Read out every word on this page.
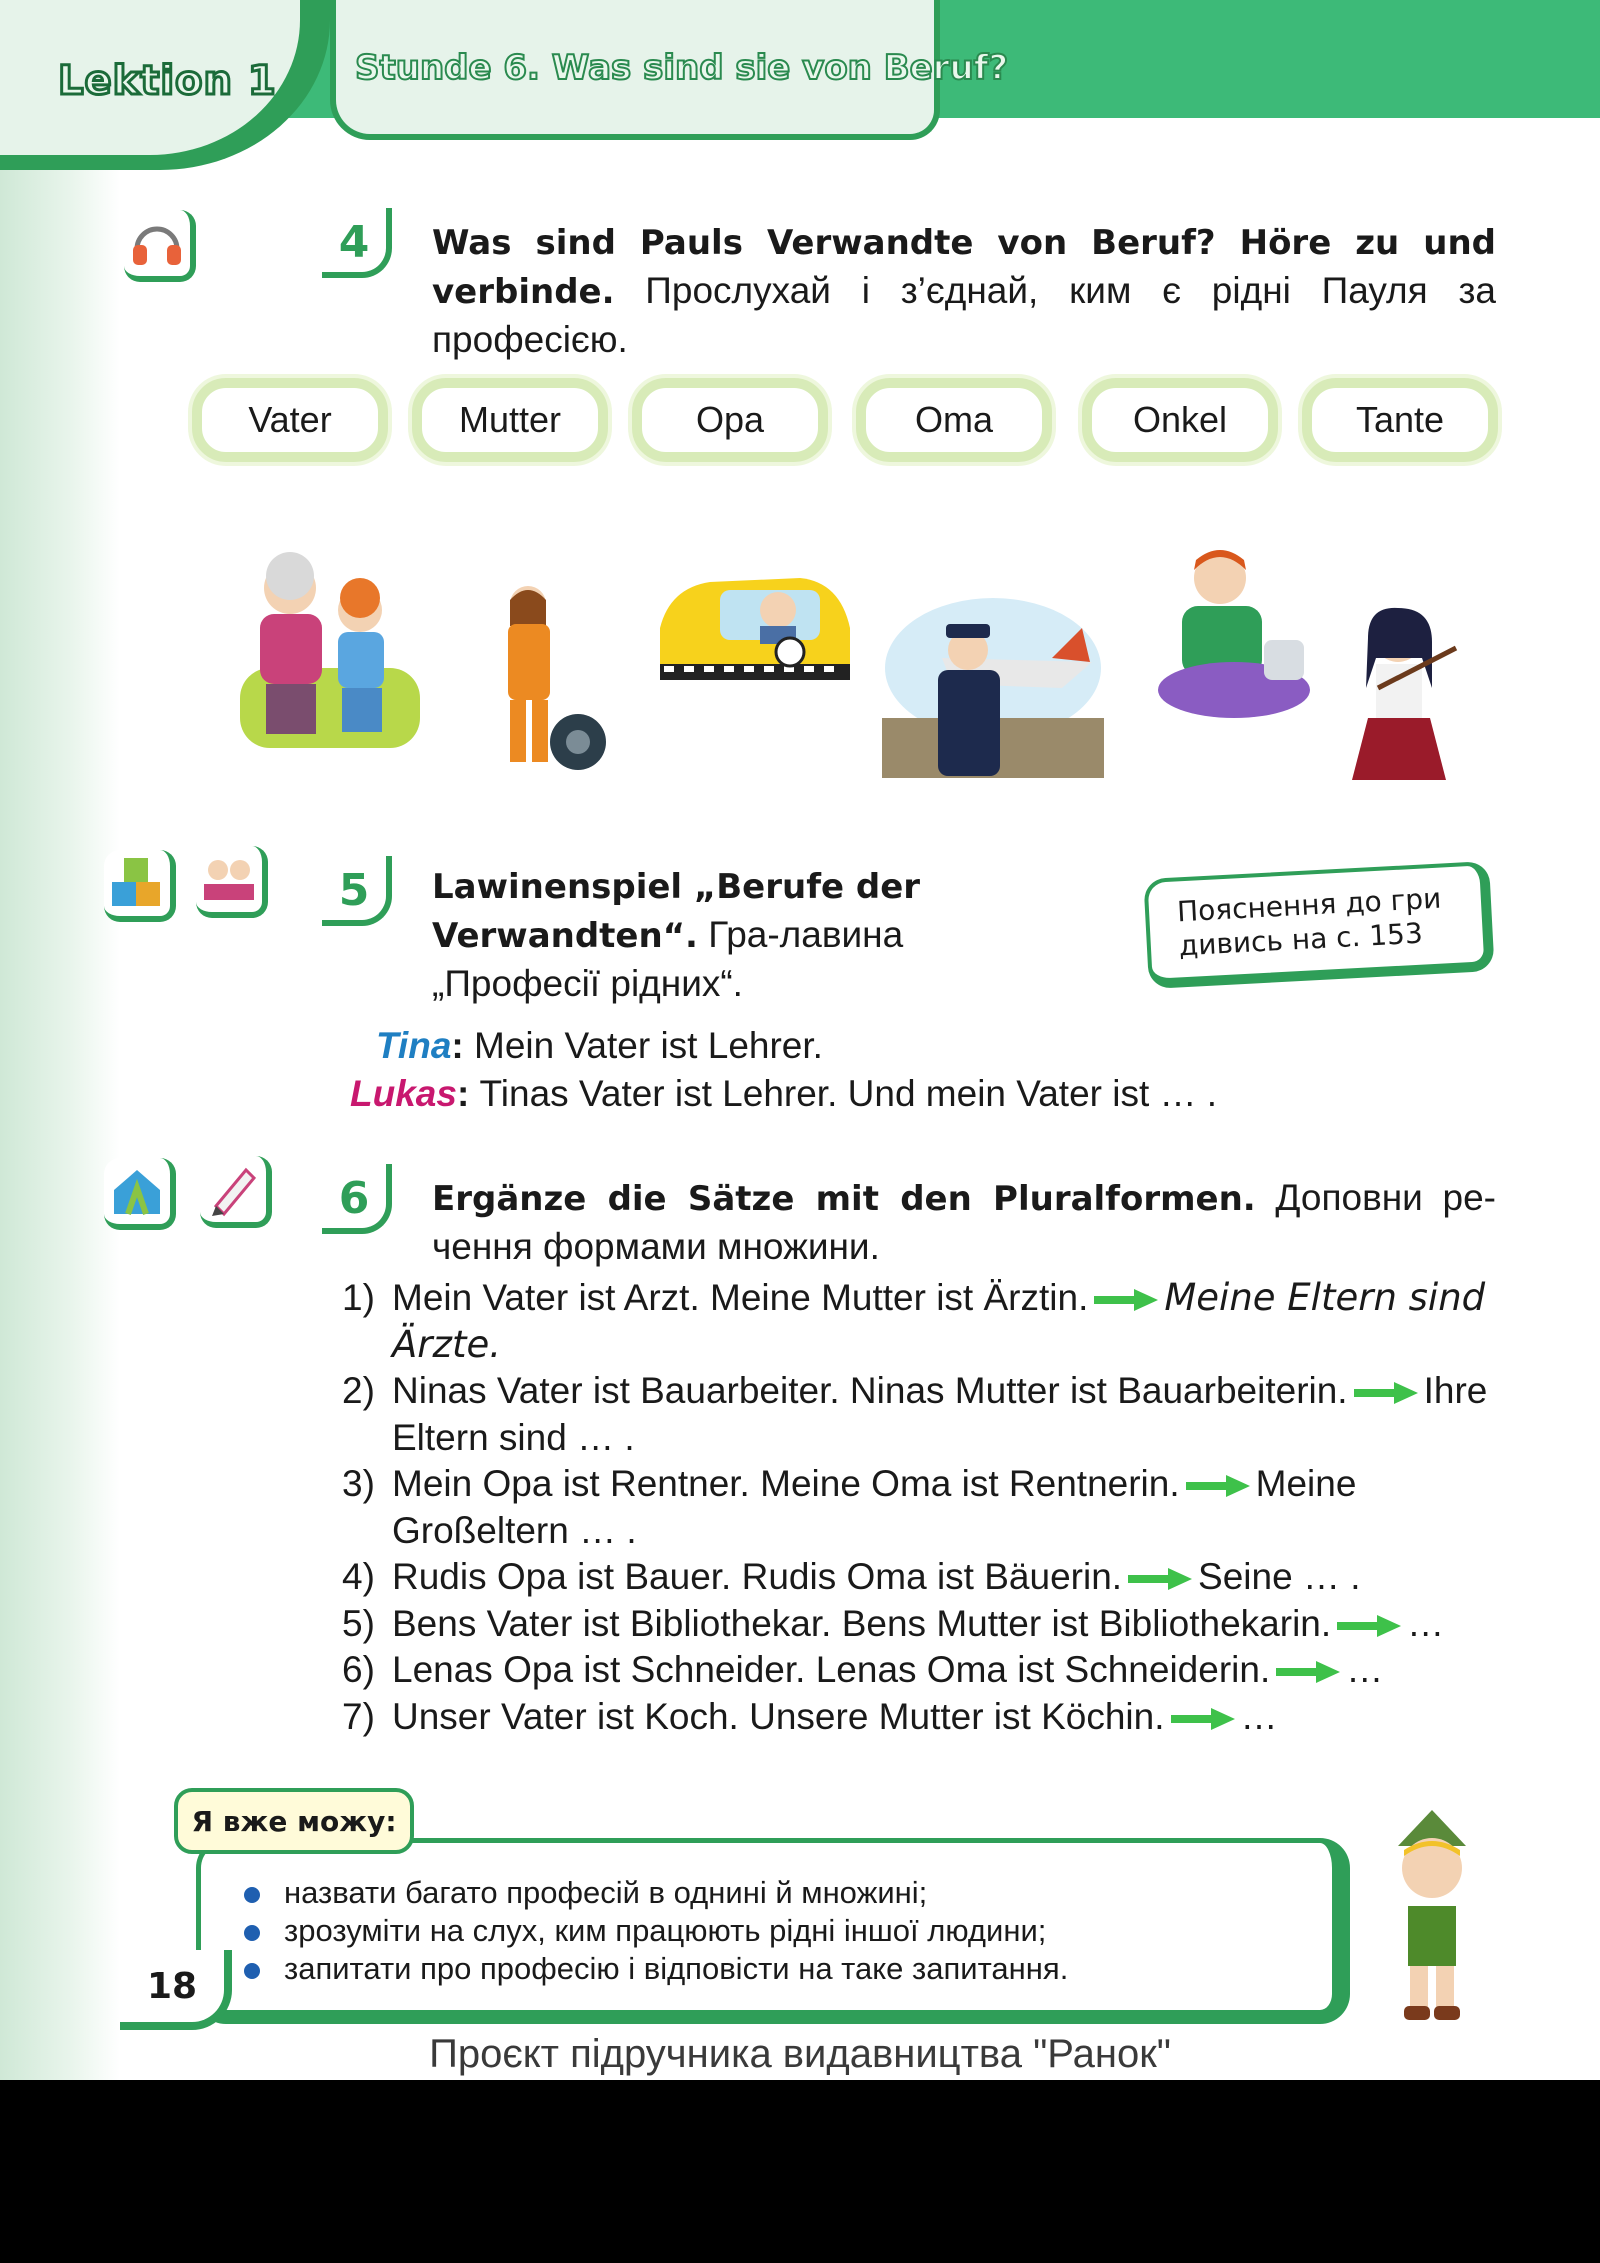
Lektion 1 Stunde 6. Was sind sie von Beruf?
4	Was sind Pauls Verwandte von Beruf? Höre zu und verbinde. Прослухай і з’єднай, ким є рідні Пауля за професією.
Vater	Mutter	Opa	Oma	Onkel	Tante
5	Lawinenspiel „Berufe der Verwandten“. Гра-лавина „Професії рідних“.
Пояснення до гри
дивись на с. 153
Tina: Mein Vater ist Lehrer.
Lukas: Tinas Vater ist Lehrer. Und mein Vater ist … .
6	Ergänze die Sätze mit den Pluralformen. Доповни ре-чення формами множини.
1) Mein Vater ist Arzt. Meine Mutter ist Ärztin. Meine Eltern sind Ärzte.
2) Ninas Vater ist Bauarbeiter. Ninas Mutter ist Bauarbeiterin. Ihre Eltern sind … .
3) Mein Opa ist Rentner. Meine Oma ist Rentnerin. Meine Großeltern … .
4) Rudis Opa ist Bauer. Rudis Oma ist Bäuerin. Seine … .
5) Bens Vater ist Bibliothekar. Bens Mutter ist Bibliothekarin. …
6) Lenas Opa ist Schneider. Lenas Oma ist Schneiderin. …
7) Unser Vater ist Koch. Unsere Mutter ist Köchin. …
Я вже можу:
назвати багато професій в однині й множині;
зрозуміти на слух, ким працюють рідні іншої людини;
запитати про професію і відповісти на таке запитання.
18
Проєкт підручника видавництва "Ранок"
